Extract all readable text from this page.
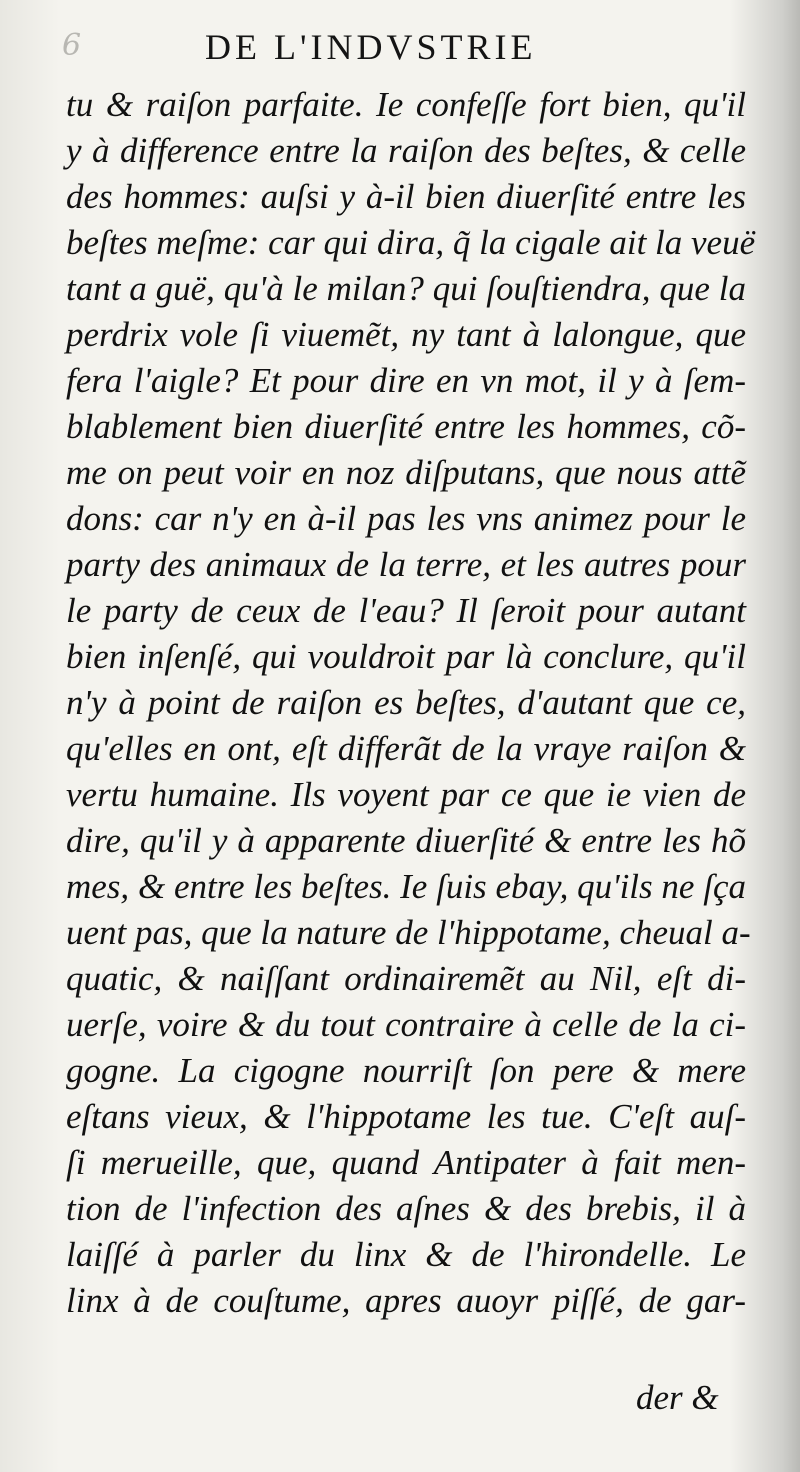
6	DE L'INDVSTRIE
tu & raiſon parfaite. Ie confeſſe fort bien, qu'il
y à difference entre la raiſon des beſtes, & celle
des hommes: auſsi y à-il bien diuerſité entre les
beſtes meſme: car qui dira, q̃ la cigale ait la veuë
tant a guë, qu'à le milan? qui ſouſtiendra, que la
perdrix vole ſi viuemẽt, ny tant à lalongue, que
fera l'aigle? Et pour dire en vn mot, il y à ſem-
blablement bien diuerſité entre les hommes, cõ-
me on peut voir en noz diſputans, que nous attẽ
dons: car n'y en à-il pas les vns animez pour le
party des animaux de la terre, et les autres pour
le party de ceux de l'eau? Il ſeroit pour autant
bien inſenſé, qui vouldroit par là conclure, qu'il
n'y à point de raiſon es beſtes, d'autant que ce,
qu'elles en ont, eſt differãt de la vraye raiſon &
vertu humaine. Ils voyent par ce que ie vien de
dire, qu'il y à apparente diuerſité & entre les hõ
mes, & entre les beſtes. Ie ſuis ebay, qu'ils ne ſça
uent pas, que la nature de l'hippotame, cheual a-
quatic, & naiſſant ordinairemẽt au Nil, eſt di-
uerſe, voire & du tout contraire à celle de la ci-
gogne. La cigogne nourriſt ſon pere & mere
eſtans vieux, & l'hippotame les tue. C'eſt auſ-
ſi merueille, que, quand Antipater à fait men-
tion de l'infection des aſnes & des brebis, il à
laiſſé à parler du linx & de l'hirondelle. Le
linx à de couſtume, apres auoyr piſſé, de gar-
der &
